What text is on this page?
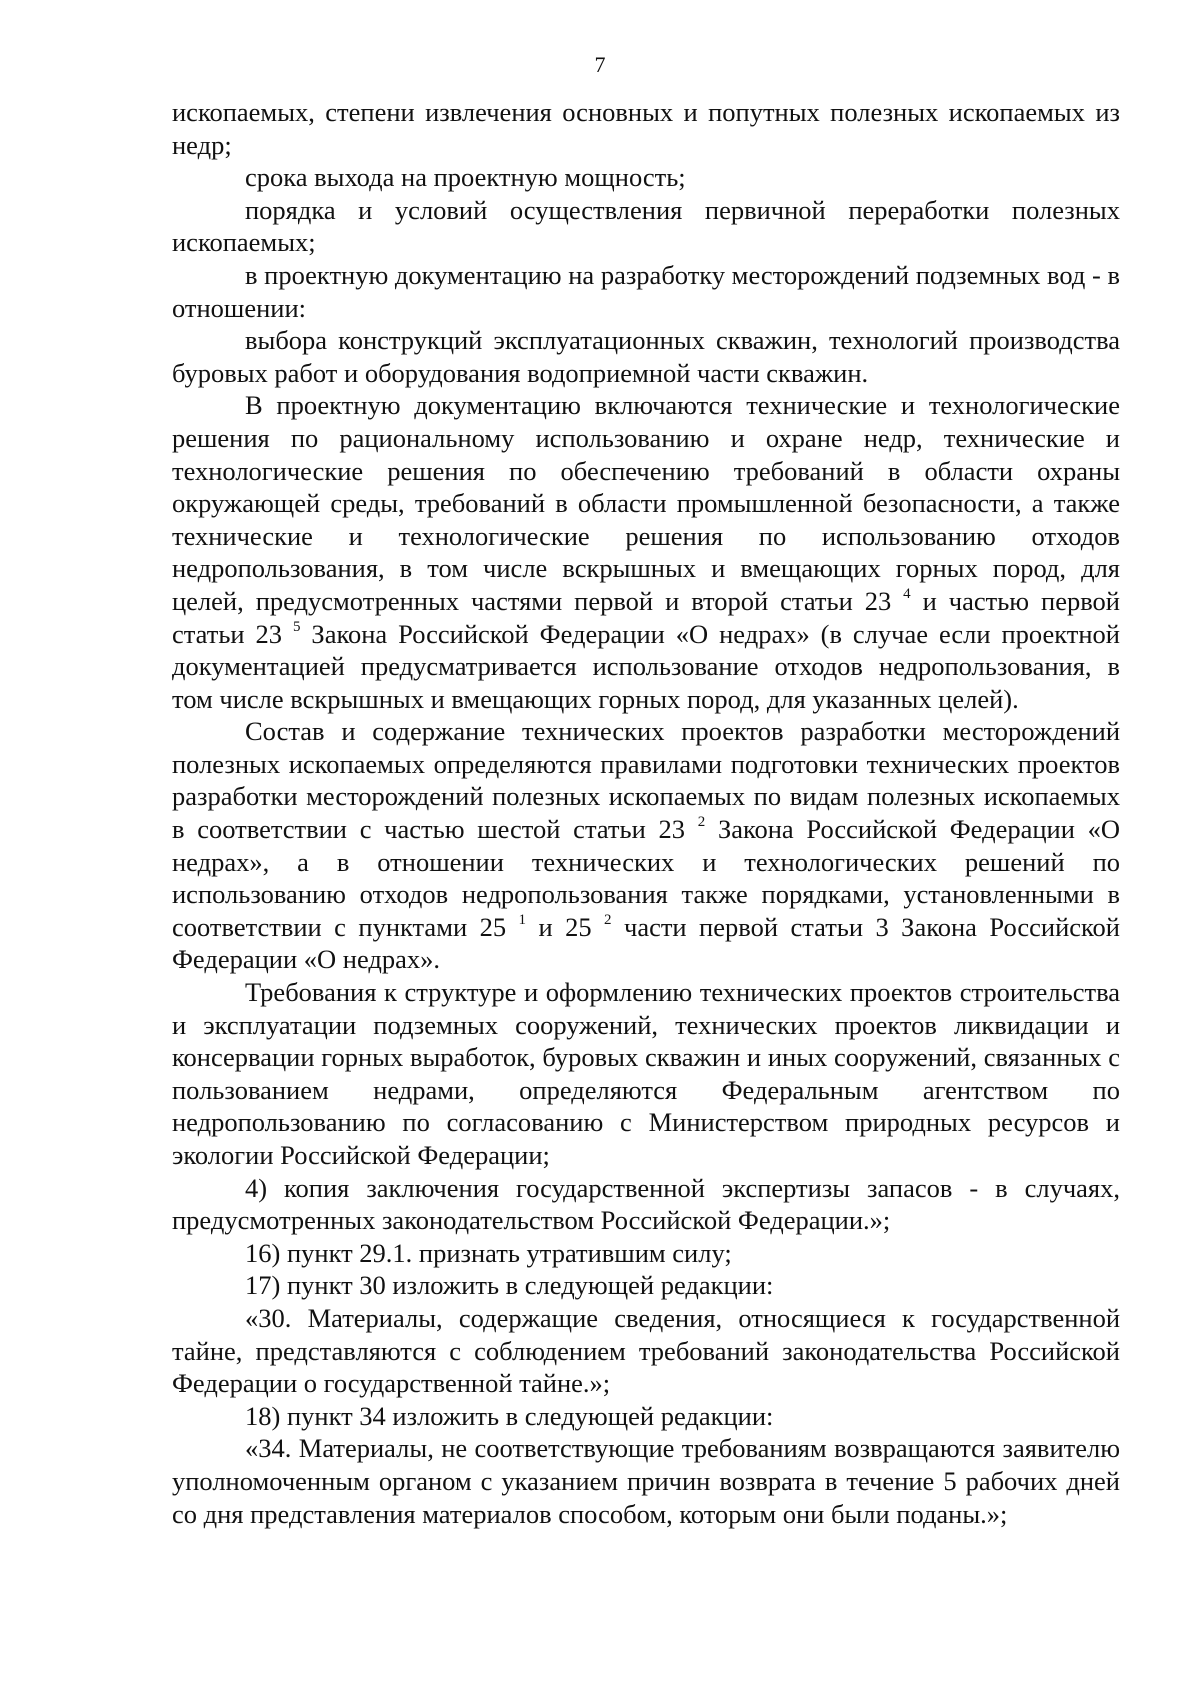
7

ископаемых, степени извлечения основных и попутных полезных ископаемых из недр;

срока выхода на проектную мощность;

порядка и условий осуществления первичной переработки полезных ископаемых;

в проектную документацию на разработку месторождений подземных вод - в отношении:

выбора конструкций эксплуатационных скважин, технологий производства буровых работ и оборудования водоприемной части скважин.

В проектную документацию включаются технические и технологические решения по рациональному использованию и охране недр, технические и технологические решения по обеспечению требований в области охраны окружающей среды, требований в области промышленной безопасности, а также технические и технологические решения по использованию отходов недропользования, в том числе вскрышных и вмещающих горных пород, для целей, предусмотренных частями первой и второй статьи 23 $^4$ и частью первой статьи 23 $^5$ Закона Российской Федерации «О недрах» (в случае если проектной документацией предусматривается использование отходов недропользования, в том числе вскрышных и вмещающих горных пород, для указанных целей).

Состав и содержание технических проектов разработки месторождений полезных ископаемых определяются правилами подготовки технических проектов разработки месторождений полезных ископаемых по видам полезных ископаемых в соответствии с частью шестой статьи 23 $^2$ Закона Российской Федерации «О недрах», а в отношении технических и технологических решений по использованию отходов недропользования также порядками, установленными в соответствии с пунктами 25 $^1$ и 25 $^2$ части первой статьи 3 Закона Российской Федерации «О недрах».

Требования к структуре и оформлению технических проектов строительства и эксплуатации подземных сооружений, технических проектов ликвидации и консервации горных выработок, буровых скважин и иных сооружений, связанных с пользованием недрами, определяются Федеральным агентством по недропользованию по согласованию с Министерством природных ресурсов и экологии Российской Федерации;

4) копия заключения государственной экспертизы запасов - в случаях, предусмотренных законодательством Российской Федерации.»;

16) пункт 29.1. признать утратившим силу;

17) пункт 30 изложить в следующей редакции:

«30. Материалы, содержащие сведения, относящиеся к государственной тайне, представляются с соблюдением требований законодательства Российской Федерации о государственной тайне.»;

18) пункт 34 изложить в следующей редакции:

«34. Материалы, не соответствующие требованиям возвращаются заявителю уполномоченным органом с указанием причин возврата в течение 5 рабочих дней со дня представления материалов способом, которым они были поданы.»;
